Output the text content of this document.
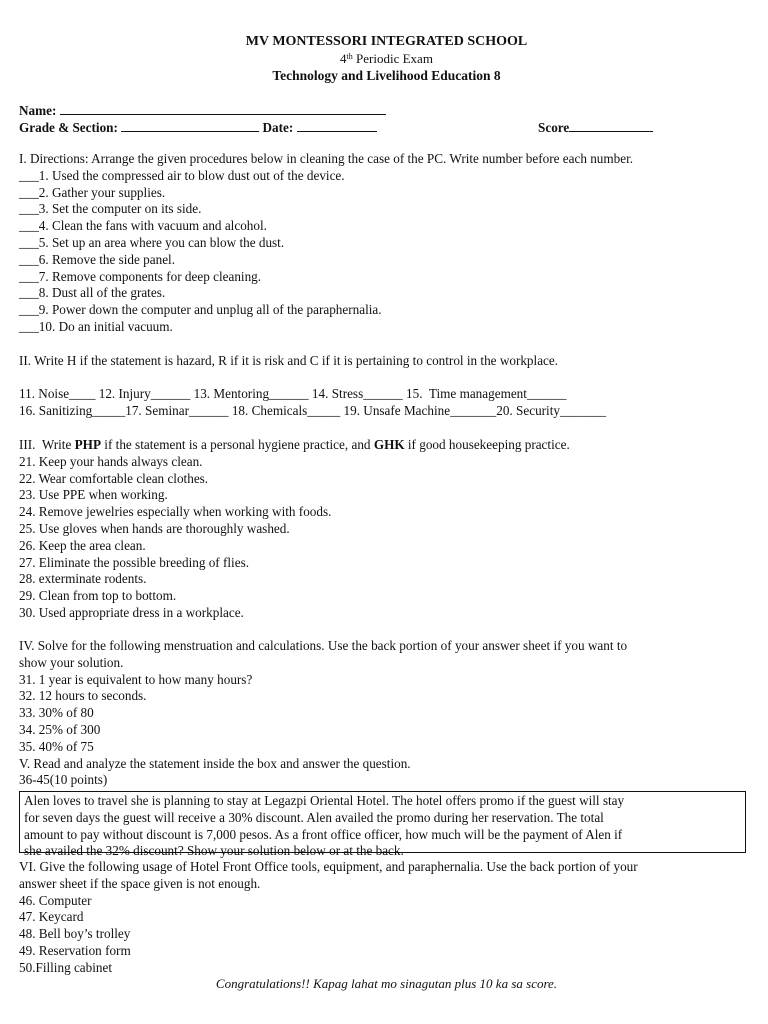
MV MONTESSORI INTEGRATED SCHOOL
4th Periodic Exam
Technology and Livelihood Education 8
Name:
Grade & Section:	Date:	Score
I. Directions: Arrange the given procedures below in cleaning the case of the PC. Write number before each number.
___1. Used the compressed air to blow dust out of the device.
___2. Gather your supplies.
___3. Set the computer on its side.
___4. Clean the fans with vacuum and alcohol.
___5. Set up an area where you can blow the dust.
___6. Remove the side panel.
___7. Remove components for deep cleaning.
___8. Dust all of the grates.
___9. Power down the computer and unplug all of the paraphernalia.
___10. Do an initial vacuum.
II. Write H if the statement is hazard, R if it is risk and C if it is pertaining to control in the workplace.
11. Noise____ 12. Injury______ 13. Mentoring______ 14. Stress______ 15.  Time management______
16. Sanitizing_____17. Seminar______ 18. Chemicals_____ 19. Unsafe Machine_______20. Security_______
III.  Write PHP if the statement is a personal hygiene practice, and GHK if good housekeeping practice.
21. Keep your hands always clean.
22. Wear comfortable clean clothes.
23. Use PPE when working.
24. Remove jewelries especially when working with foods.
25. Use gloves when hands are thoroughly washed.
26. Keep the area clean.
27. Eliminate the possible breeding of flies.
28. exterminate rodents.
29. Clean from top to bottom.
30. Used appropriate dress in a workplace.
IV. Solve for the following menstruation and calculations. Use the back portion of your answer sheet if you want to
show your solution.
31. 1 year is equivalent to how many hours?
32. 12 hours to seconds.
33. 30% of 80
34. 25% of 300
35. 40% of 75
V. Read and analyze the statement inside the box and answer the question.
36-45(10 points)
Alen loves to travel she is planning to stay at Legazpi Oriental Hotel. The hotel offers promo if the guest will stay
for seven days the guest will receive a 30% discount. Alen availed the promo during her reservation. The total
amount to pay without discount is 7,000 pesos. As a front office officer, how much will be the payment of Alen if
she availed the 32% discount? Show your solution below or at the back.
VI. Give the following usage of Hotel Front Office tools, equipment, and paraphernalia. Use the back portion of your
answer sheet if the space given is not enough.
46. Computer
47. Keycard
48. Bell boy’s trolley
49. Reservation form
50.Filling cabinet
Congratulations!! Kapag lahat mo sinagutan plus 10 ka sa score.
